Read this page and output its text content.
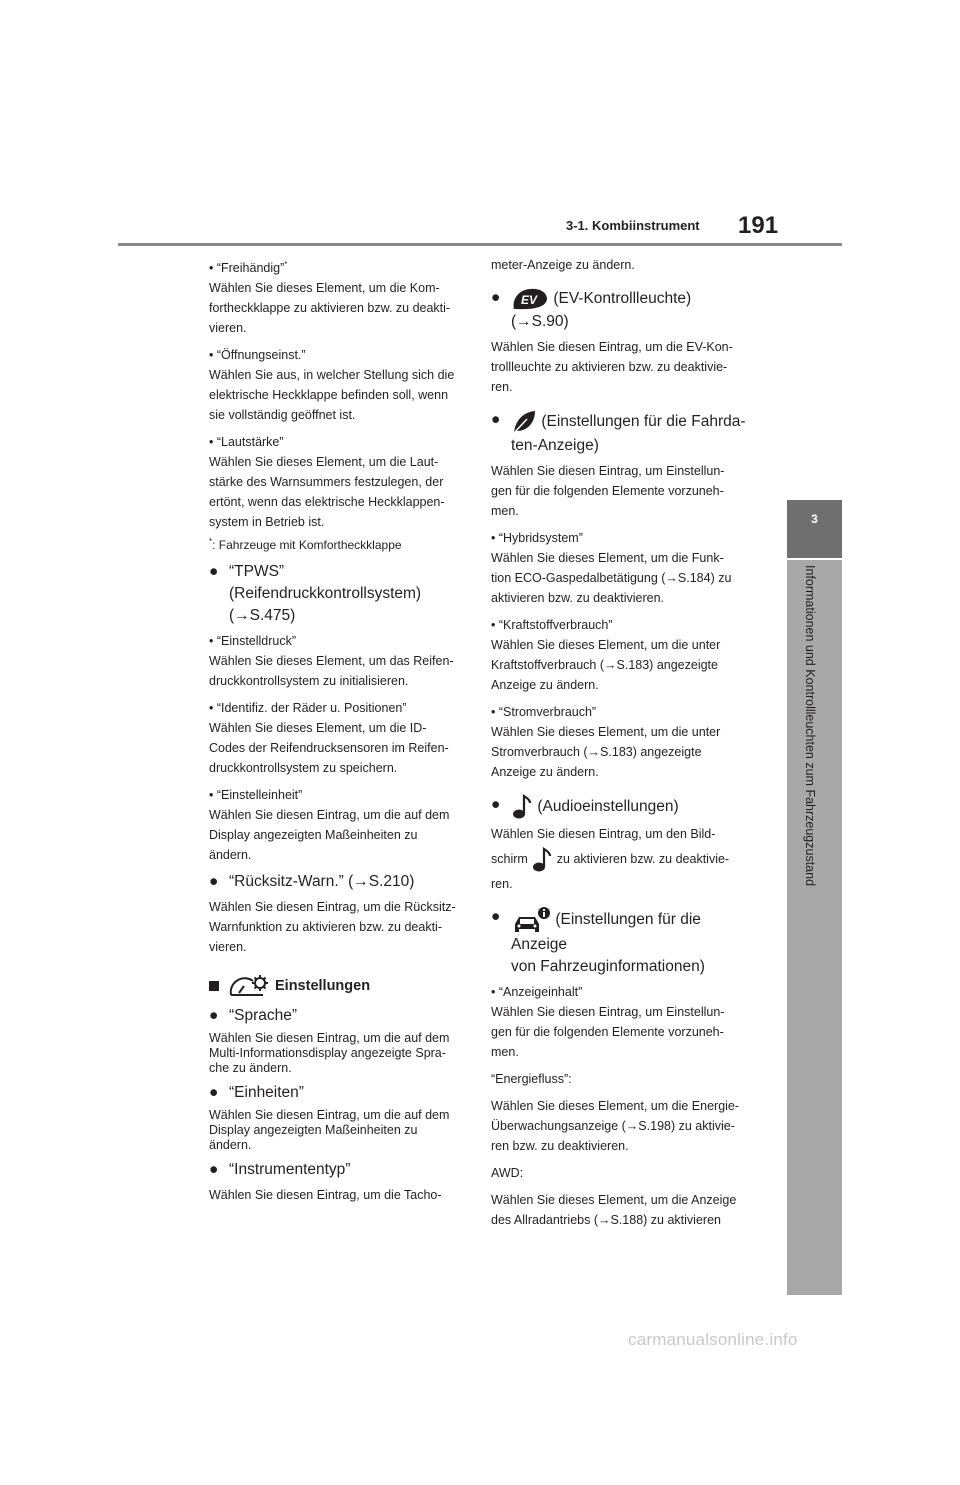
3-1. Kombiinstrument 191
3
Informationen und Kontrollleuchten zum Fahrzeugzustand

• “Freihändig”*

Wählen Sie dieses Element, um die Kom-
fortheckklappe zu aktivieren bzw. zu deakti-
vieren.

• “Öffnungseinst.”

Wählen Sie aus, in welcher Stellung sich die
elektrische Heckklappe befinden soll, wenn
sie vollständig geöffnet ist.

• “Lautstärke”

Wählen Sie dieses Element, um die Laut-
stärke des Warnsummers festzulegen, der
ertönt, wenn das elektrische Heckklappen-
system in Betrieb ist.

*: Fahrzeuge mit Komfortheckklappe

● “TPWS” (Reifendruckkontrollsystem)
(→S.475)

• “Einstelldruck”

Wählen Sie dieses Element, um das Reifen-
druckkontrollsystem zu initialisieren.

• “Identifiz. der Räder u. Positionen”

Wählen Sie dieses Element, um die ID-
Codes der Reifendrucksensoren im Reifen-
druckkontrollsystem zu speichern.

• “Einstelleinheit”

Wählen Sie diesen Eintrag, um die auf dem
Display angezeigten Maßeinheiten zu
ändern.

● “Rücksitz-Warn.” (→S.210)

Wählen Sie diesen Eintrag, um die Rücksitz-
Warnfunktion zu aktivieren bzw. zu deakti-
vieren.

Einstellungen
● “Sprache”

Wählen Sie diesen Eintrag, um die auf dem
Multi-Informationsdisplay angezeigte Spra-
che zu ändern.

● “Einheiten”

Wählen Sie diesen Eintrag, um die auf dem
Display angezeigten Maßeinheiten zu
ändern.

● “Instrumententyp”

Wählen Sie diesen Eintrag, um die Tacho-

meter-Anzeige zu ändern.

● EV (EV-Kontrollleuchte) (→S.90)

Wählen Sie diesen Eintrag, um die EV-Kon-
trollleuchte zu aktivieren bzw. zu deaktivie-
ren.

●	(Einstellungen für die Fahrda-
ten-Anzeige)

Wählen Sie diesen Eintrag, um Einstellun-
gen für die folgenden Elemente vorzuneh-
men.

• “Hybridsystem”

Wählen Sie dieses Element, um die Funk-
tion ECO-Gaspedalbetätigung (→S.184) zu
aktivieren bzw. zu deaktivieren.

• “Kraftstoffverbrauch”

Wählen Sie dieses Element, um die unter
Kraftstoffverbrauch (→S.183) angezeigte
Anzeige zu ändern.

• “Stromverbrauch”

Wählen Sie dieses Element, um die unter
Stromverbrauch (→S.183) angezeigte
Anzeige zu ändern.

● (Audioeinstellungen)

Wählen Sie diesen Eintrag, um den Bild-

schirm zu aktivieren bzw. zu deaktivie-

ren.

●	(Einstellungen für die Anzeige
von Fahrzeuginformationen)

• “Anzeigeinhalt”

Wählen Sie diesen Eintrag, um Einstellun-
gen für die folgenden Elemente vorzuneh-
men.

“Energiefluss”:

Wählen Sie dieses Element, um die Energie-
Überwachungsanzeige (→S.198) zu aktivie-
ren bzw. zu deaktivieren.

AWD:

Wählen Sie dieses Element, um die Anzeige
des Allradantriebs (→S.188) zu aktivieren

carmanualsonline.info
